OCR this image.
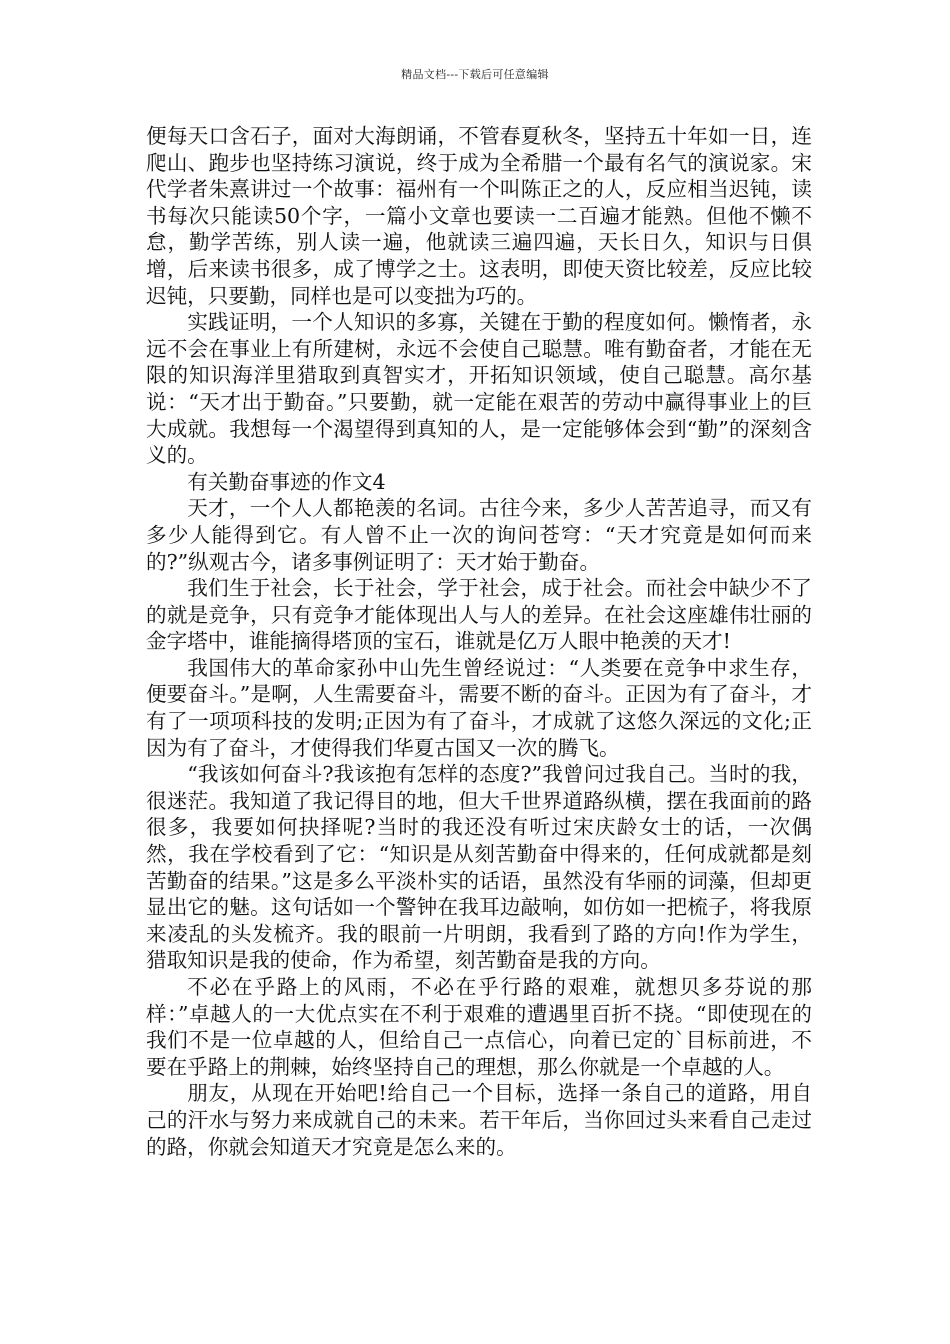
精品文档---下载后可任意编辑

便每天口含石子，面对大海朗诵，不管春夏秋冬，坚持五十年如一日，连爬山、跑步也坚持练习演说，终于成为全希腊一个最有名气的演说家。宋代学者朱熹讲过一个故事：福州有一个叫陈正之的人，反应相当迟钝，读书每次只能读50个字，一篇小文章也要读一二百遍才能熟。但他不懒不怠，勤学苦练，别人读一遍，他就读三遍四遍，天长日久，知识与日俱增，后来读书很多，成了博学之士。这表明，即使天资比较差，反应比较迟钝，只要勤，同样也是可以变拙为巧的。

实践证明，一个人知识的多寡，关键在于勤的程度如何。懒惰者，永远不会在事业上有所建树，永远不会使自己聪慧。唯有勤奋者，才能在无限的知识海洋里猎取到真智实才，开拓知识领域，使自己聪慧。高尔基说：“天才出于勤奋。”只要勤，就一定能在艰苦的劳动中赢得事业上的巨大成就。我想每一个渴望得到真知的人，是一定能够体会到“勤”的深刻含义的。

有关勤奋事迹的作文4

天才，一个人人都艳羡的名词。古往今来，多少人苦苦追寻，而又有多少人能得到它。有人曾不止一次的询问苍穹：“天才究竟是如何而来的?”纵观古今，诸多事例证明了：天才始于勤奋。

我们生于社会，长于社会，学于社会，成于社会。而社会中缺少不了的就是竞争，只有竞争才能体现出人与人的差异。在社会这座雄伟壮丽的金字塔中，谁能摘得塔顶的宝石，谁就是亿万人眼中艳羡的天才!

我国伟大的革命家孙中山先生曾经说过：“人类要在竞争中求生存，便要奋斗。”是啊，人生需要奋斗，需要不断的奋斗。正因为有了奋斗，才有了一项项科技的发明;正因为有了奋斗，才成就了这悠久深远的文化;正因为有了奋斗，才使得我们华夏古国又一次的腾飞。

“我该如何奋斗?我该抱有怎样的态度?”我曾问过我自己。当时的我，很迷茫。我知道了我记得目的地，但大千世界道路纵横，摆在我面前的路很多，我要如何抉择呢?当时的我还没有听过宋庆龄女士的话，一次偶然，我在学校看到了它：“知识是从刻苦勤奋中得来的，任何成就都是刻苦勤奋的结果。”这是多么平淡朴实的话语，虽然没有华丽的词藻，但却更显出它的魅。这句话如一个警钟在我耳边敲响，如仿如一把梳子，将我原来凌乱的头发梳齐。我的眼前一片明朗，我看到了路的方向!作为学生，猎取知识是我的使命，作为希望，刻苦勤奋是我的方向。

不必在乎路上的风雨，不必在乎行路的艰难，就想贝多芬说的那样：”卓越人的一大优点实在不利于艰难的遭遇里百折不挠。“即使现在的我们不是一位卓越的人，但给自己一点信心，向着已定的`目标前进，不要在乎路上的荆棘，始终坚持自己的理想，那么你就是一个卓越的人。

朋友，从现在开始吧!给自己一个目标，选择一条自己的道路，用自己的汗水与努力来成就自己的未来。若干年后，当你回过头来看自己走过的路，你就会知道天才究竟是怎么来的。
